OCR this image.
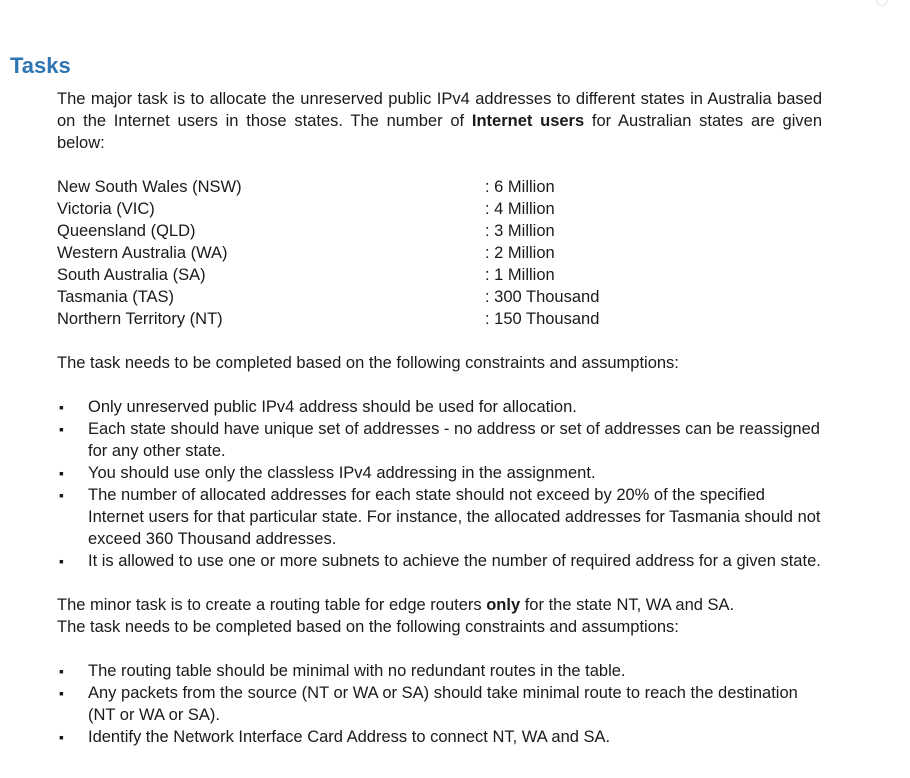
Tasks

The major task is to allocate the unreserved public IPv4 addresses to different states in Australia based on the Internet users in those states. The number of Internet users for Australian states are given below:

New South Wales (NSW)	: 6 Million
Victoria (VIC)	: 4 Million
Queensland (QLD)	: 3 Million
Western Australia (WA)	: 2 Million
South Australia (SA)	: 1 Million
Tasmania (TAS)	: 300 Thousand
Northern Territory (NT)	: 150 Thousand

The task needs to be completed based on the following constraints and assumptions:

▪ Only unreserved public IPv4 address should be used for allocation.
▪ Each state should have unique set of addresses - no address or set of addresses can be reassigned for any other state.
▪ You should use only the classless IPv4 addressing in the assignment.
▪ The number of allocated addresses for each state should not exceed by 20% of the specified Internet users for that particular state. For instance, the allocated addresses for Tasmania should not exceed 360 Thousand addresses.
▪ It is allowed to use one or more subnets to achieve the number of required address for a given state.

The minor task is to create a routing table for edge routers only for the state NT, WA and SA.

The task needs to be completed based on the following constraints and assumptions:

▪ The routing table should be minimal with no redundant routes in the table.
▪ Any packets from the source (NT or WA or SA) should take minimal route to reach the destination (NT or WA or SA).
▪ Identify the Network Interface Card Address to connect NT, WA and SA.
